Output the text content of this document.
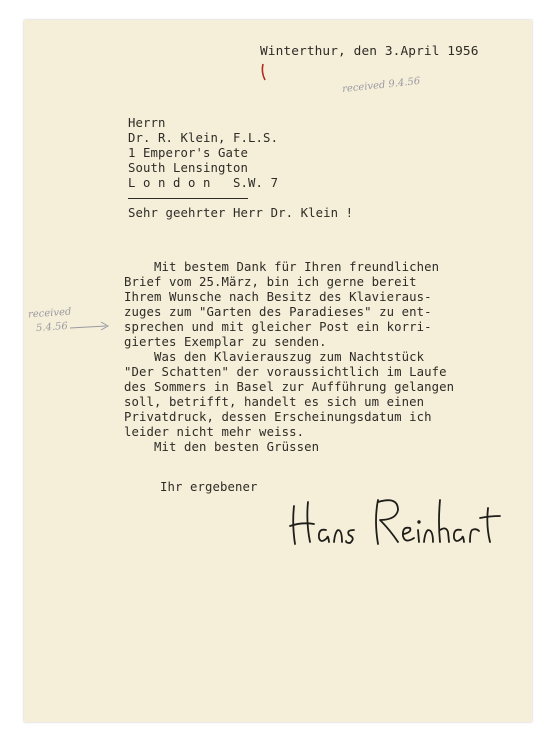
Winterthur, den 3.April 1956
received 9.4.56
Herrn
Dr. R. Klein, F.L.S.
1 Emperor's Gate
South Lensington
L o n d o n   S.W. 7
Sehr geehrter Herr Dr. Klein !
received
5.4.56
Mit bestem Dank für Ihren freundlichen
Brief vom 25.März, bin ich gerne bereit
Ihrem Wunsche nach Besitz des Klavieraus-
zuges zum "Garten des Paradieses" zu ent-
sprechen und mit gleicher Post ein korri-
giertes Exemplar zu senden.
Was den Klavierauszug zum Nachtstück
"Der Schatten" der voraussichtlich im Laufe
des Sommers in Basel zur Aufführung gelangen
soll, betrifft, handelt es sich um einen
Privatdruck, dessen Erscheinungsdatum ich
leider nicht mehr weiss.
Mit den besten Grüssen
Ihr ergebener
